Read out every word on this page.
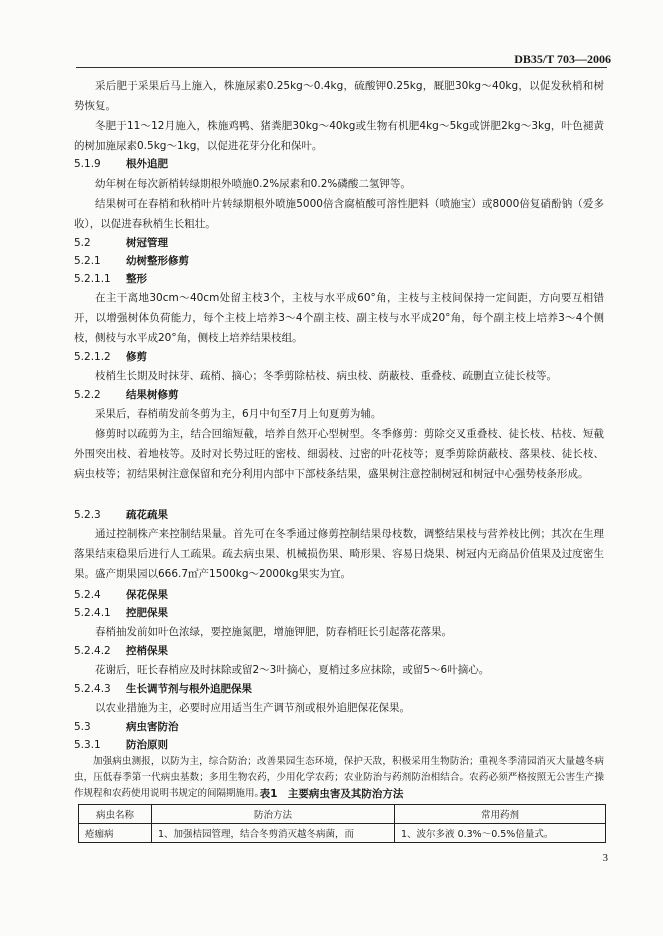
DB35/T 703—2006
采后肥于采果后马上施入，株施尿素0.25kg～0.4kg，硫酸钾0.25kg，厩肥30kg～40kg，以促发秋梢和树势恢复。
冬肥于11～12月施入，株施鸡鸭、猪粪肥30kg～40kg或生物有机肥4kg～5kg或饼肥2kg～3kg，叶色褪黄的树加施尿素0.5kg～1kg，以促进花芽分化和保叶。
5.1.9 根外追肥
幼年树在每次新梢转绿期根外喷施0.2%尿素和0.2%磷酸二氢钾等。
结果树可在春梢和秋梢叶片转绿期根外喷施5000倍含腐植酸可溶性肥料（喷施宝）或8000倍复硝酚钠（爱多收），以促进春秋梢生长粗壮。
5.2	树冠管理
5.2.1 幼树整形修剪
5.2.1.1 整形
在主干离地30cm～40cm处留主枝3个，主枝与水平成60°角，主枝与主枝间保持一定间距，方向要互相错开，以增强树体负荷能力，每个主枝上培养3～4个副主枝、副主枝与水平成20°角，每个副主枝上培养3～4个侧枝，侧枝与水平成20°角，侧枝上培养结果枝组。
5.2.1.2 修剪
枝梢生长期及时抹芽、疏梢、摘心；冬季剪除枯枝、病虫枝、荫蔽枝、重叠枝、疏删直立徒长枝等。
5.2.2 结果树修剪
采果后，春梢萌发前冬剪为主，6月中旬至7月上旬夏剪为辅。
修剪时以疏剪为主，结合回缩短截，培养自然开心型树型。冬季修剪：剪除交叉重叠枝、徒长枝、枯枝、短截外围突出枝、着地枝等。及时对长势过旺的密枝、细弱枝、过密的叶花枝等；夏季剪除荫蔽枝、落果枝、徒长枝、病虫枝等；初结果树注意保留和充分利用内部中下部枝条结果，盛果树注意控制树冠和树冠中心强势枝条形成。
5.2.3 疏花疏果
通过控制株产来控制结果量。首先可在冬季通过修剪控制结果母枝数，调整结果枝与营养枝比例；其次在生理落果结束稳果后进行人工疏果。疏去病虫果、机械损伤果、畸形果、容易日烧果、树冠内无商品价值果及过度密生果。盛产期果园以666.7㎡产1500kg～2000kg果实为宜。
5.2.4 保花保果
5.2.4.1 控肥保果
春梢抽发前如叶色浓绿，要控施氮肥，增施钾肥，防春梢旺长引起落花落果。
5.2.4.2 控梢保果
花谢后，旺长春梢应及时抹除或留2～3叶摘心，夏梢过多应抹除，或留5～6叶摘心。
5.2.4.3 生长调节剂与根外追肥保果
以农业措施为主，必要时应用适当生产调节剂或根外追肥保花保果。
5.3	病虫害防治
5.3.1 防治原则
加强病虫测报，以防为主，综合防治；改善果园生态环境，保护天敌，积极采用生物防治；重视冬季清园消灭大量越冬病虫，压低春季第一代病虫基数；多用生物农药，少用化学农药；农业防治与药剂防治相结合。农药必须严格按照无公害生产操作规程和农药使用说明书规定的间隔期施用。
表1　主要病虫害及其防治方法
病虫名称	防治方法	常用药剂
疮痂病	1、加强桔园管理，结合冬剪消灭越冬病菌，而	1、波尔多液 0.3%～0.5%倍量式。
3
